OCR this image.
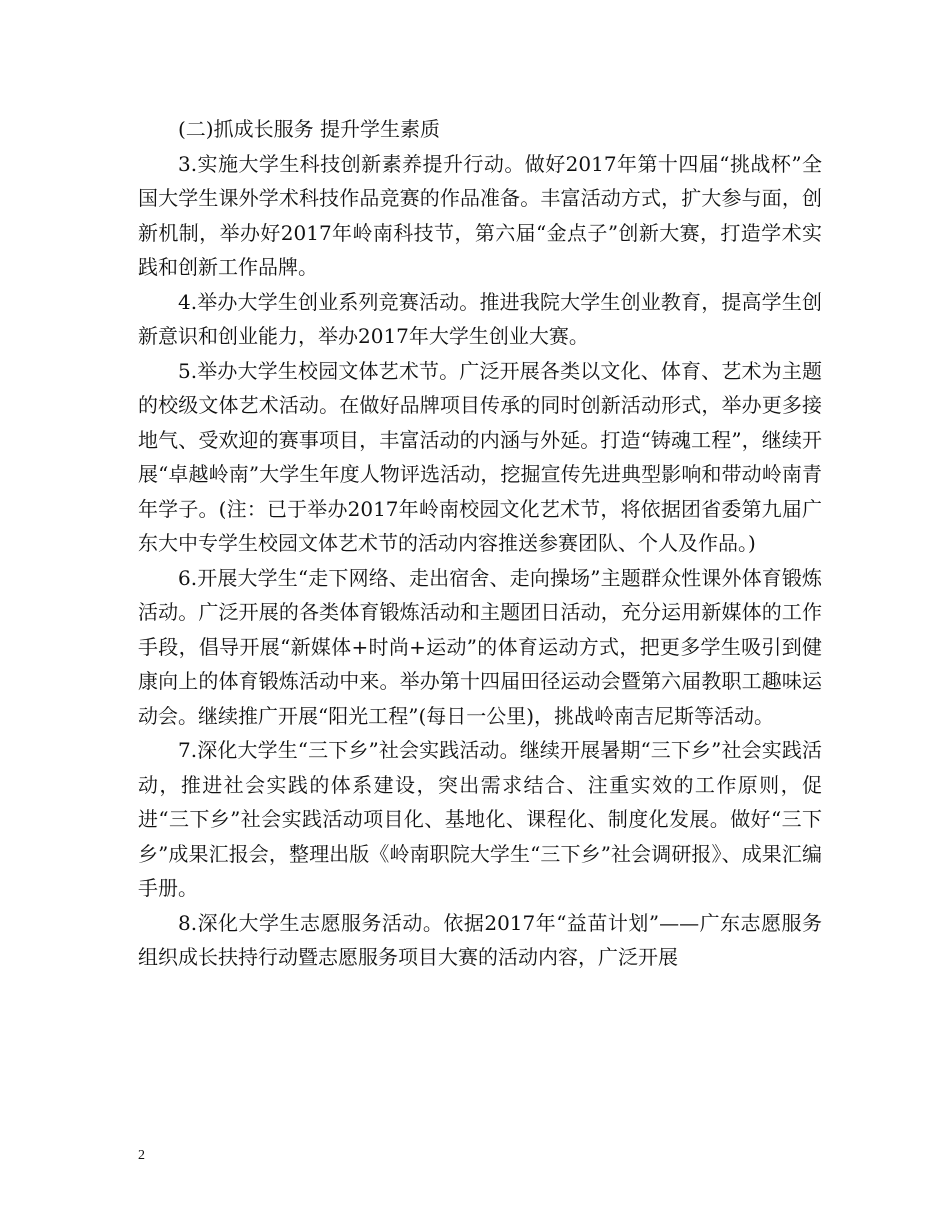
(二)抓成长服务 提升学生素质

3.实施大学生科技创新素养提升行动。做好2017年第十四届“挑战杯”全国大学生课外学术科技作品竞赛的作品准备。丰富活动方式，扩大参与面，创新机制，举办好2017年岭南科技节，第六届“金点子”创新大赛，打造学术实践和创新工作品牌。

4.举办大学生创业系列竞赛活动。推进我院大学生创业教育，提高学生创新意识和创业能力，举办2017年大学生创业大赛。

5.举办大学生校园文体艺术节。广泛开展各类以文化、体育、艺术为主题的校级文体艺术活动。在做好品牌项目传承的同时创新活动形式，举办更多接地气、受欢迎的赛事项目，丰富活动的内涵与外延。打造“铸魂工程”，继续开展“卓越岭南”大学生年度人物评选活动，挖掘宣传先进典型影响和带动岭南青年学子。(注：已于举办2017年岭南校园文化艺术节，将依据团省委第九届广东大中专学生校园文体艺术节的活动内容推送参赛团队、个人及作品。)

6.开展大学生“走下网络、走出宿舍、走向操场”主题群众性课外体育锻炼活动。广泛开展的各类体育锻炼活动和主题团日活动，充分运用新媒体的工作手段，倡导开展“新媒体+时尚+运动”的体育运动方式，把更多学生吸引到健康向上的体育锻炼活动中来。举办第十四届田径运动会暨第六届教职工趣味运动会。继续推广开展“阳光工程”(每日一公里)，挑战岭南吉尼斯等活动。

7.深化大学生“三下乡”社会实践活动。继续开展暑期“三下乡”社会实践活动，推进社会实践的体系建设，突出需求结合、注重实效的工作原则，促进“三下乡”社会实践活动项目化、基地化、课程化、制度化发展。做好“三下乡”成果汇报会，整理出版《岭南职院大学生“三下乡”社会调研报》、成果汇编手册。

8.深化大学生志愿服务活动。依据2017年“益苗计划”——广东志愿服务组织成长扶持行动暨志愿服务项目大赛的活动内容，广泛开展

2
